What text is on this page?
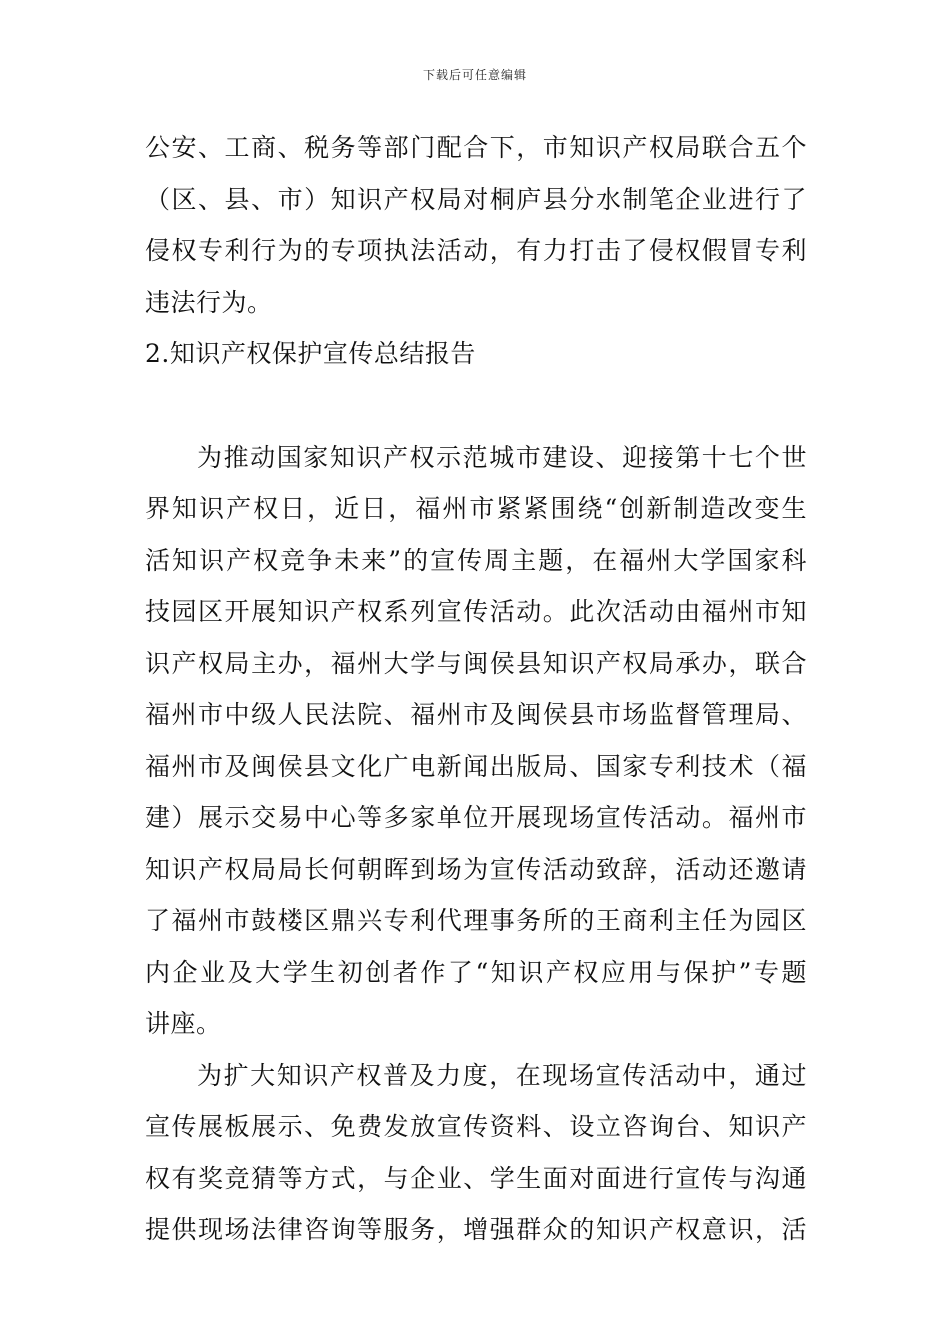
下载后可任意编辑
公安、工商、税务等部门配合下，市知识产权局联合五个
（区、县、市）知识产权局对桐庐县分水制笔企业进行了
侵权专利行为的专项执法活动，有力打击了侵权假冒专利
违法行为。
2.知识产权保护宣传总结报告
为推动国家知识产权示范城市建设、迎接第十七个世
界知识产权日，近日，福州市紧紧围绕“创新制造改变生
活知识产权竞争未来”的宣传周主题，在福州大学国家科
技园区开展知识产权系列宣传活动。此次活动由福州市知
识产权局主办，福州大学与闽侯县知识产权局承办，联合
福州市中级人民法院、福州市及闽侯县市场监督管理局、
福州市及闽侯县文化广电新闻出版局、国家专利技术（福
建）展示交易中心等多家单位开展现场宣传活动。福州市
知识产权局局长何朝晖到场为宣传活动致辞，活动还邀请
了福州市鼓楼区鼎兴专利代理事务所的王商利主任为园区
内企业及大学生初创者作了“知识产权应用与保护”专题
讲座。
为扩大知识产权普及力度，在现场宣传活动中，通过
宣传展板展示、免费发放宣传资料、设立咨询台、知识产
权有奖竞猜等方式，与企业、学生面对面进行宣传与沟通
提供现场法律咨询等服务，增强群众的知识产权意识，活
